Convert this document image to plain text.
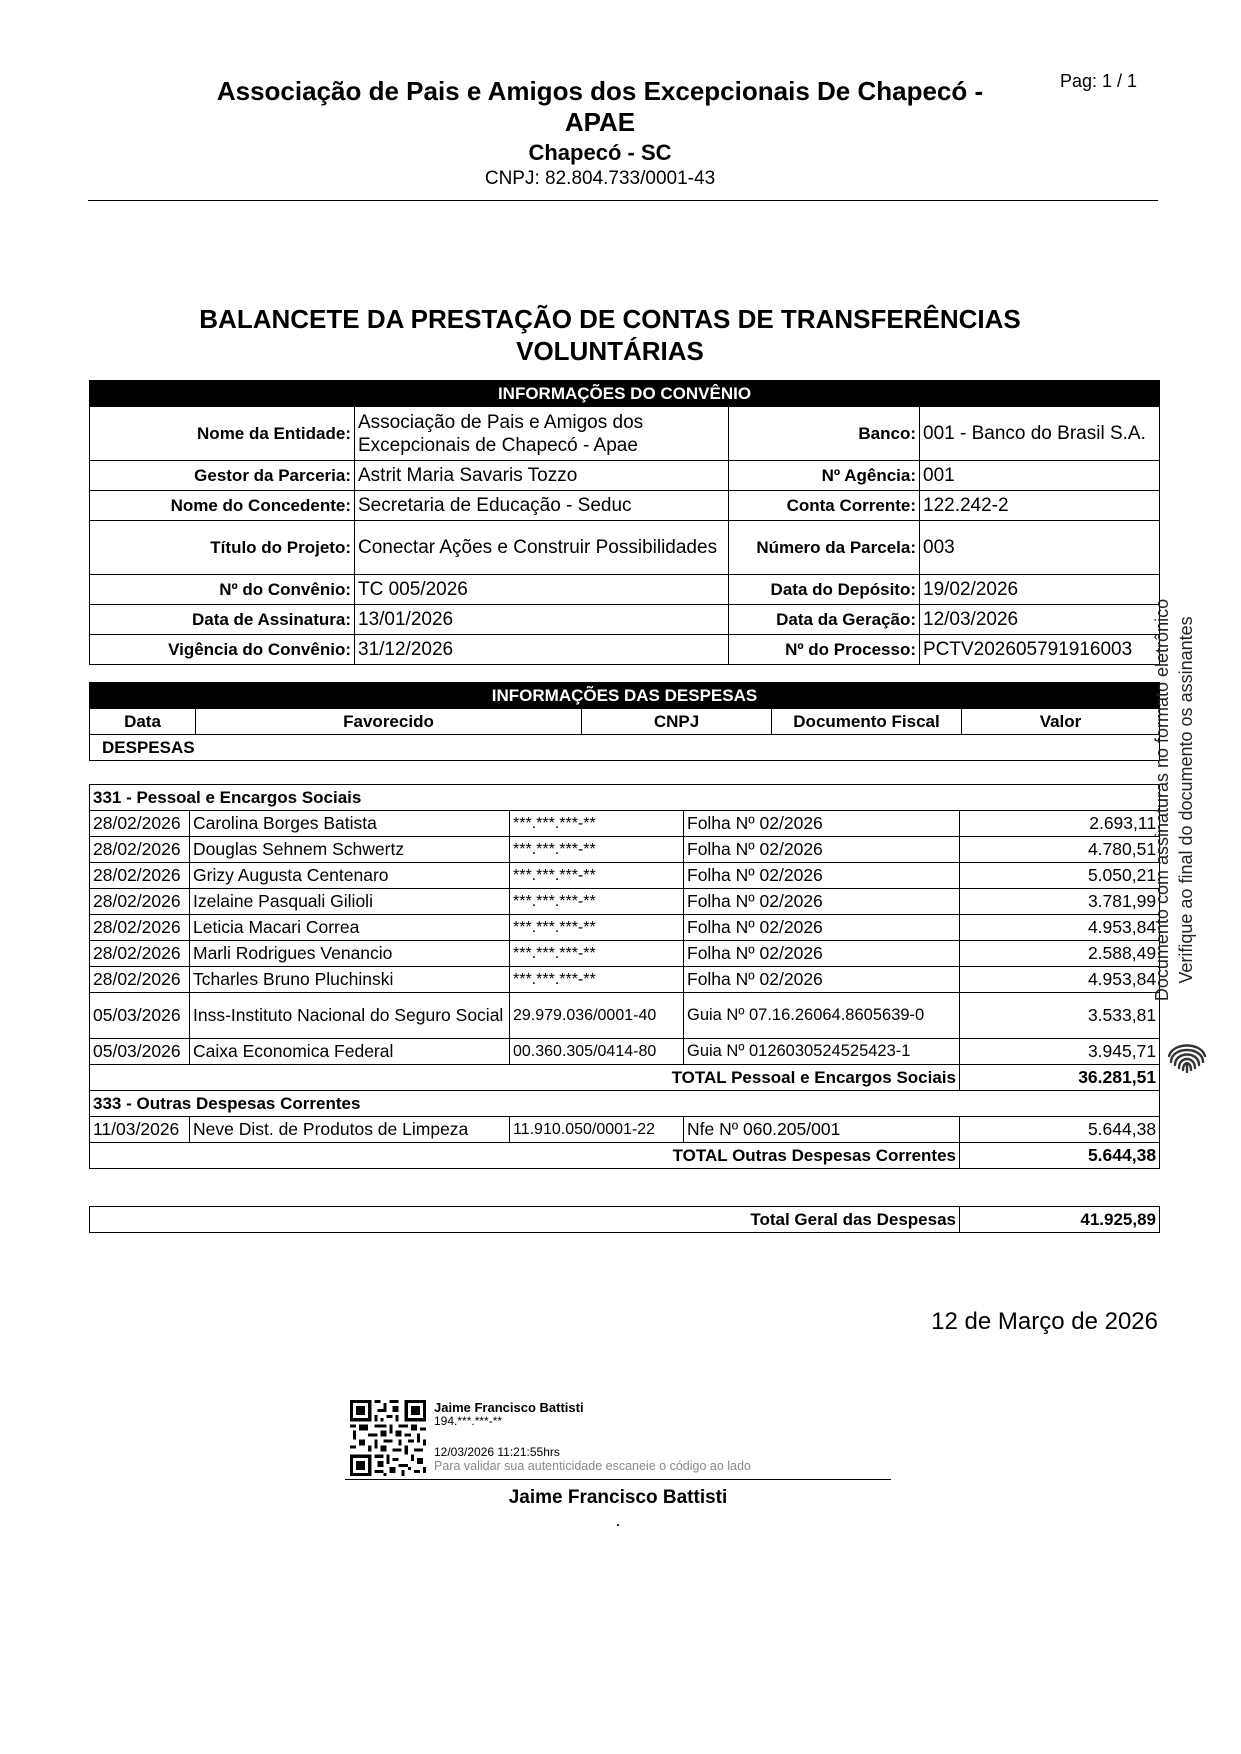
Associação de Pais e Amigos dos Excepcionais De Chapecó - APAE
Chapecó - SC
CNPJ: 82.804.733/0001-43
Pag: 1 / 1
BALANCETE DA PRESTAÇÃO DE CONTAS DE TRANSFERÊNCIAS VOLUNTÁRIAS
INFORMAÇÕES DO CONVÊNIO			
Nome da Entidade:	Associação de Pais e Amigos dos Excepcionais de Chapecó - Apae	Banco:	001 - Banco do Brasil S.A.
Gestor da Parceria:	Astrit Maria Savaris Tozzo	Nº Agência:	001
Nome do Concedente:	Secretaria de Educação - Seduc	Conta Corrente:	122.242-2
Título do Projeto:	Conectar Ações e Construir Possibilidades	Número da Parcela:	003
Nº do Convênio:	TC 005/2026	Data do Depósito:	19/02/2026
Data de Assinatura:	13/01/2026	Data da Geração:	12/03/2026
Vigência do Convênio:	31/12/2026	Nº do Processo:	PCTV202605791916003
INFORMAÇÕES DAS DESPESAS
Data	Favorecido	CNPJ	Documento Fiscal	Valor
DESPESAS
331 - Pessoal e Encargos Sociais				
28/02/2026	Carolina Borges Batista	***.***.***-**	Folha Nº 02/2026	2.693,11
28/02/2026	Douglas Sehnem Schwertz	***.***.***-**	Folha Nº 02/2026	4.780,51
28/02/2026	Grizy Augusta Centenaro	***.***.***-**	Folha Nº 02/2026	5.050,21
28/02/2026	Izelaine Pasquali Gilioli	***.***.***-**	Folha Nº 02/2026	3.781,99
28/02/2026	Leticia Macari Correa	***.***.***-**	Folha Nº 02/2026	4.953,84
28/02/2026	Marli Rodrigues Venancio	***.***.***-**	Folha Nº 02/2026	2.588,49
28/02/2026	Tcharles Bruno Pluchinski	***.***.***-**	Folha Nº 02/2026	4.953,84
05/03/2026	Inss-Instituto Nacional do Seguro Social	29.979.036/0001-40	Guia Nº 07.16.26064.8605639-0	3.533,81
05/03/2026	Caixa Economica Federal	00.360.305/0414-80	Guia Nº 0126030524525423-1	3.945,71
TOTAL Pessoal e Encargos Sociais				36.281,51
333 - Outras Despesas Correntes				
11/03/2026	Neve Dist. de Produtos de Limpeza	11.910.050/0001-22	Nfe Nº 060.205/001	5.644,38
TOTAL Outras Despesas Correntes				5.644,38
Total Geral das Despesas	41.925,89
12 de Março de 2026
Jaime Francisco Battisti
194.***.***-**
12/03/2026 11:21:55hrs
Para validar sua autenticidade escaneie o código ao lado
Jaime Francisco Battisti
.
Documento com assinaturas no formato eletrônico Verifique ao final do documento os assinantes
